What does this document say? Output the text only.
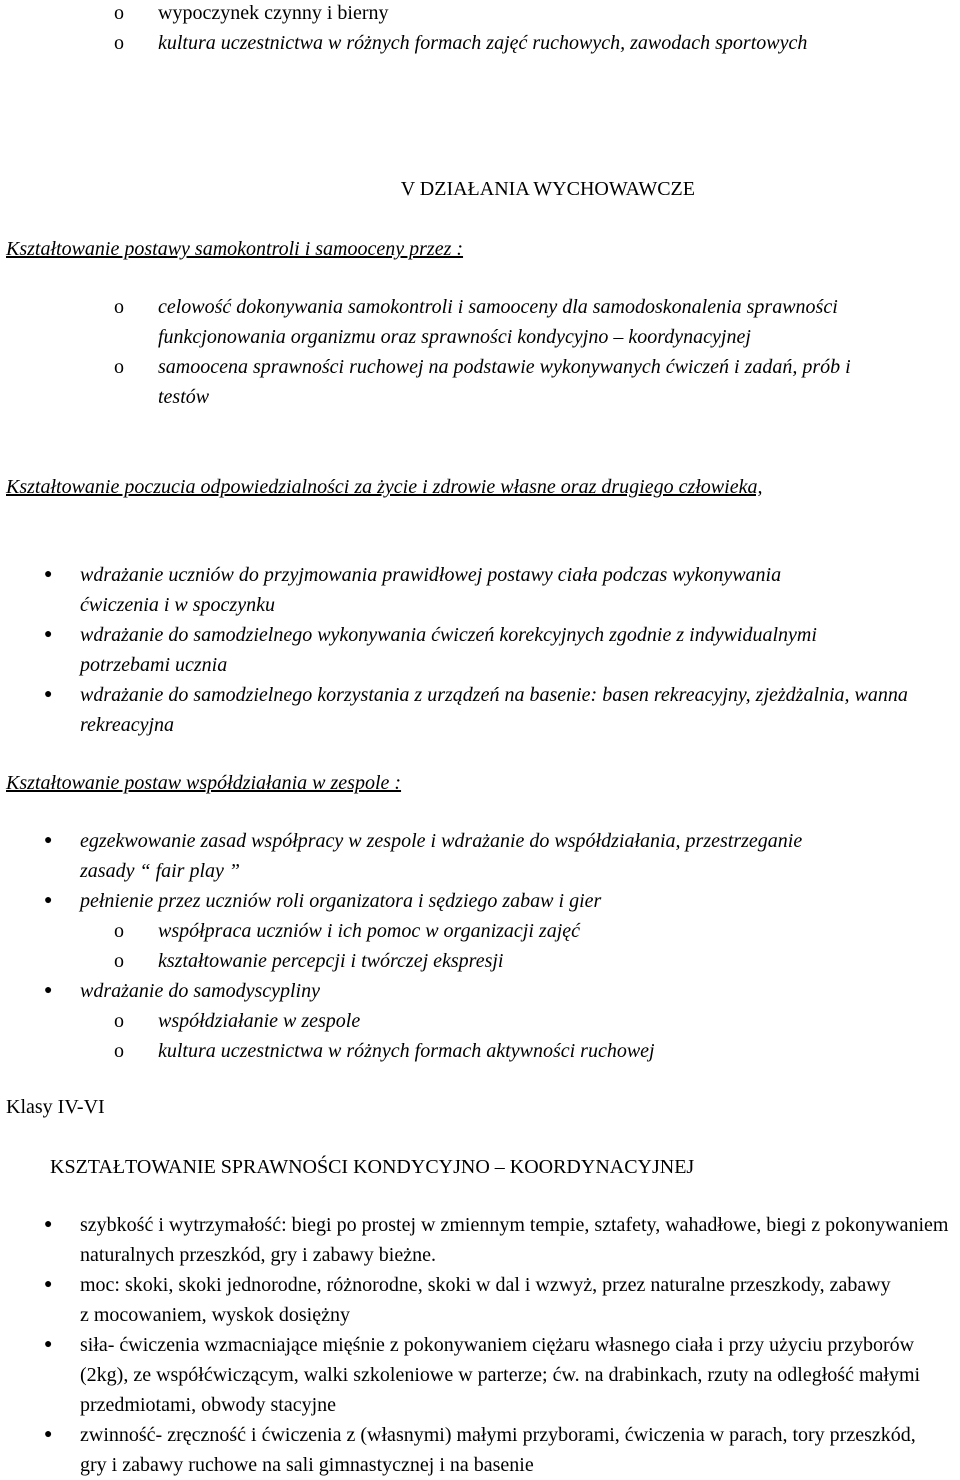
o wypoczynek czynny i bierny
o kultura uczestnictwa w różnych formach zajęć ruchowych, zawodach sportowych
V DZIAŁANIA WYCHOWAWCZE
Kształtowanie postawy samokontroli i samooceny przez :
o celowość dokonywania samokontroli i samooceny dla samodoskonalenia sprawności funkcjonowania organizmu oraz sprawności kondycyjno – koordynacyjnej
o samoocena sprawności ruchowej na podstawie wykonywanych ćwiczeń i zadań, prób i testów
Kształtowanie poczucia odpowiedzialności za życie i zdrowie własne oraz drugiego człowieka,
● wdrażanie uczniów do przyjmowania prawidłowej postawy ciała podczas wykonywania ćwiczenia i w spoczynku
● wdrażanie do samodzielnego wykonywania ćwiczeń korekcyjnych zgodnie z indywidualnymi potrzebami ucznia
● wdrażanie do samodzielnego korzystania z urządzeń na basenie: basen rekreacyjny, zjeżdżalnia, wanna rekreacyjna
Kształtowanie postaw współdziałania w zespole :
● egzekwowanie zasad współpracy w zespole i wdrażanie do współdziałania, przestrzeganie zasady “ fair play ”
● pełnienie przez uczniów roli organizatora i sędziego zabaw i gier
o współpraca uczniów i ich pomoc w organizacji zajęć
o kształtowanie percepcji i twórczej ekspresji
● wdrażanie do samodyscypliny
o współdziałanie w zespole
o kultura uczestnictwa w różnych formach aktywności ruchowej
Klasy IV-VI
KSZTAŁTOWANIE SPRAWNOŚCI KONDYCYJNO – KOORDYNACYJNEJ
● szybkość i wytrzymałość: biegi po prostej w zmiennym tempie, sztafety, wahadłowe, biegi z pokonywaniem naturalnych przeszkód, gry i zabawy bieżne.
● moc: skoki, skoki jednorodne, różnorodne, skoki w dal i wzwyż, przez naturalne przeszkody, zabawy z mocowaniem, wyskok dosiężny
● siła- ćwiczenia wzmacniające mięśnie z pokonywaniem ciężaru własnego ciała i przy użyciu przyborów (2kg), ze współćwiczącym, walki szkoleniowe w parterze; ćw. na drabinkach, rzuty na odległość małymi przedmiotami, obwody stacyjne
● zwinność- zręczność i ćwiczenia z (własnymi) małymi przyborami, ćwiczenia w parach, tory przeszkód, gry i zabawy ruchowe na sali gimnastycznej i na basenie
